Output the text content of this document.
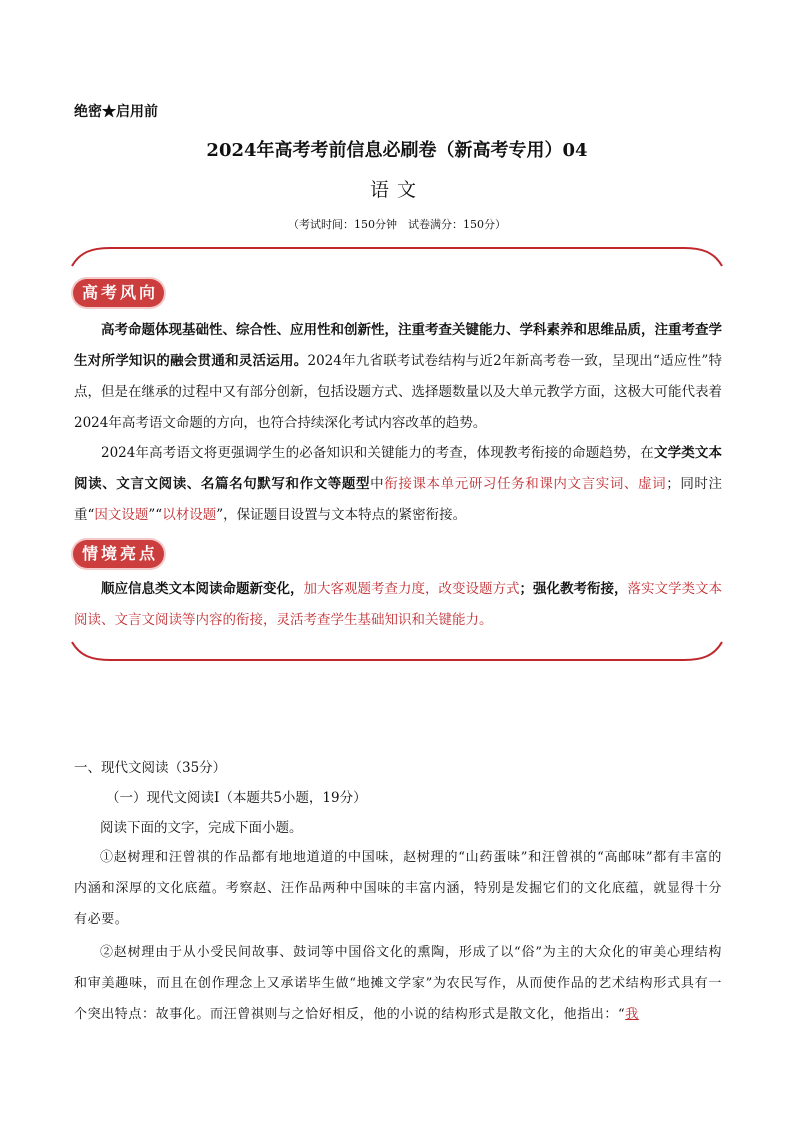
绝密★启用前
2024年高考考前信息必刷卷（新高考专用）04
语文
（考试时间：150分钟　试卷满分：150分）
高考风向
高考命题体现基础性、综合性、应用性和创新性，注重考查关键能力、学科素养和思维品质，注重考查学生对所学知识的融会贯通和灵活运用。2024年九省联考试卷结构与近2年新高考卷一致，呈现出“适应性”特点，但是在继承的过程中又有部分创新，包括设题方式、选择题数量以及大单元教学方面，这极大可能代表着2024年高考语文命题的方向，也符合持续深化考试内容改革的趋势。
2024年高考语文将更强调学生的必备知识和关键能力的考查，体现教考衔接的命题趋势，在文学类文本阅读、文言文阅读、名篇名句默写和作文等题型中衔接课本单元研习任务和课内文言实词、虚词；同时注重“因文设题”“以材设题”，保证题目设置与文本特点的紧密衔接。
情境亮点
顺应信息类文本阅读命题新变化，加大客观题考查力度，改变设题方式；强化教考衔接，落实文学类文本阅读、文言文阅读等内容的衔接，灵活考查学生基础知识和关键能力。
一、现代文阅读（35分）
（一）现代文阅读Ⅰ（本题共5小题，19分）
阅读下面的文字，完成下面小题。
①赵树理和汪曾祺的作品都有地地道道的中国味，赵树理的“山药蛋味”和汪曾祺的“高邮味”都有丰富的内涵和深厚的文化底蕴。考察赵、汪作品两种中国味的丰富内涵，特别是发掘它们的文化底蕴，就显得十分有必要。
②赵树理由于从小受民间故事、鼓词等中国俗文化的熏陶，形成了以“俗”为主的大众化的审美心理结构和审美趣味，而且在创作理念上又承诺毕生做“地摊文学家”为农民写作，从而使作品的艺术结构形式具有一个突出特点：故事化。而汪曾祺则与之恰好相反，他的小说的结构形式是散文化，他指出：“我
